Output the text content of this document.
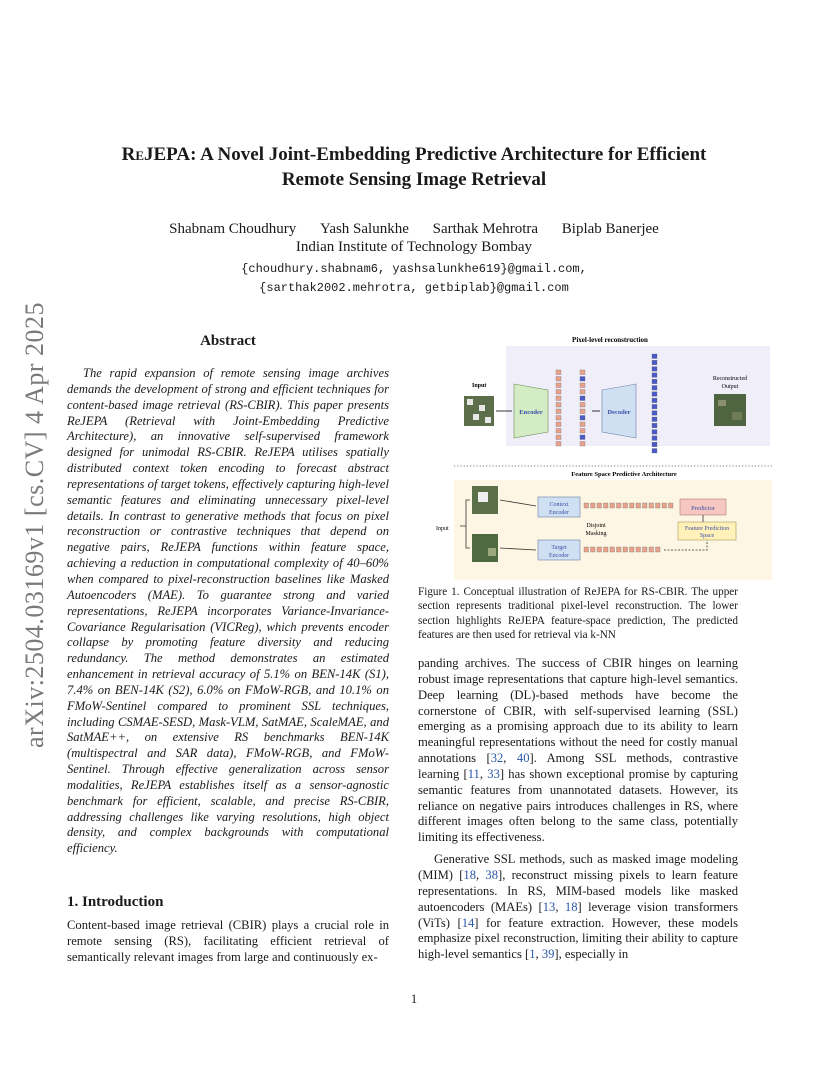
arXiv:2504.03169v1 [cs.CV] 4 Apr 2025
ReJEPA: A Novel Joint-Embedding Predictive Architecture for Efficient
Remote Sensing Image Retrieval
Shabnam Choudhury Yash Salunkhe Sarthak Mehrotra Biplab Banerjee
Indian Institute of Technology Bombay
{choudhury.shabnam6, yashsalunkhe619}@gmail.com,
{sarthak2002.mehrotra, getbiplab}@gmail.com
Abstract

The rapid expansion of remote sensing image archives demands the development of strong and efficient techniques for content-based image retrieval (RS-CBIR). This paper presents ReJEPA (Retrieval with Joint-Embedding Predictive Architecture), an innovative self-supervised framework designed for unimodal RS-CBIR. ReJEPA utilises spatially distributed context token encoding to forecast abstract representations of target tokens, effectively capturing high-level semantic features and eliminating unnecessary pixel-level details. In contrast to generative methods that focus on pixel reconstruction or contrastive techniques that depend on negative pairs, ReJEPA functions within feature space, achieving a reduction in computational complexity of 40–60% when compared to pixel-reconstruction baselines like Masked Autoencoders (MAE). To guarantee strong and varied representations, ReJEPA incorporates Variance-Invariance-Covariance Regularisation (VICReg), which prevents encoder collapse by promoting feature diversity and reducing redundancy. The method demonstrates an estimated enhancement in retrieval accuracy of 5.1% on BEN-14K (S1), 7.4% on BEN-14K (S2), 6.0% on FMoW-RGB, and 10.1% on FMoW-Sentinel compared to prominent SSL techniques, including CSMAE-SESD, Mask-VLM, SatMAE, ScaleMAE, and SatMAE++, on extensive RS benchmarks BEN-14K (multispectral and SAR data), FMoW-RGB, and FMoW-Sentinel. Through effective generalization across sensor modalities, ReJEPA establishes itself as a sensor-agnostic benchmark for efficient, scalable, and precise RS-CBIR, addressing challenges like varying resolutions, high object density, and complex backgrounds with computational efficiency.

1. Introduction

Content-based image retrieval (CBIR) plays a crucial role in remote sensing (RS), facilitating efficient retrieval of semantically relevant images from large and continuously ex-

Pixel-level reconstruction
Input
Encoder	Decoder
Reconstructed
Output
Feature Space Predictive Architecture
Input
Context
Encoder
Predictor
Disjoint
Masking
Feature Prediction
Space
Target
Encoder

Figure 1. Conceptual illustration of ReJEPA for RS-CBIR. The upper section represents traditional pixel-level reconstruction. The lower section highlights ReJEPA feature-space prediction, The predicted features are then used for retrieval via k-NN

panding archives. The success of CBIR hinges on learning robust image representations that capture high-level semantics. Deep learning (DL)-based methods have become the cornerstone of CBIR, with self-supervised learning (SSL) emerging as a promising approach due to its ability to learn meaningful representations without the need for costly manual annotations [32, 40]. Among SSL methods, contrastive learning [11, 33] has shown exceptional promise by capturing semantic features from unannotated datasets. However, its reliance on negative pairs introduces challenges in RS, where different images often belong to the same class, potentially limiting its effectiveness.

Generative SSL methods, such as masked image modeling (MIM) [18, 38], reconstruct missing pixels to learn feature representations. In RS, MIM-based models like masked autoencoders (MAEs) [13, 18] leverage vision transformers (ViTs) [14] for feature extraction. However, these models emphasize pixel reconstruction, limiting their ability to capture high-level semantics [1, 39], especially in

1
